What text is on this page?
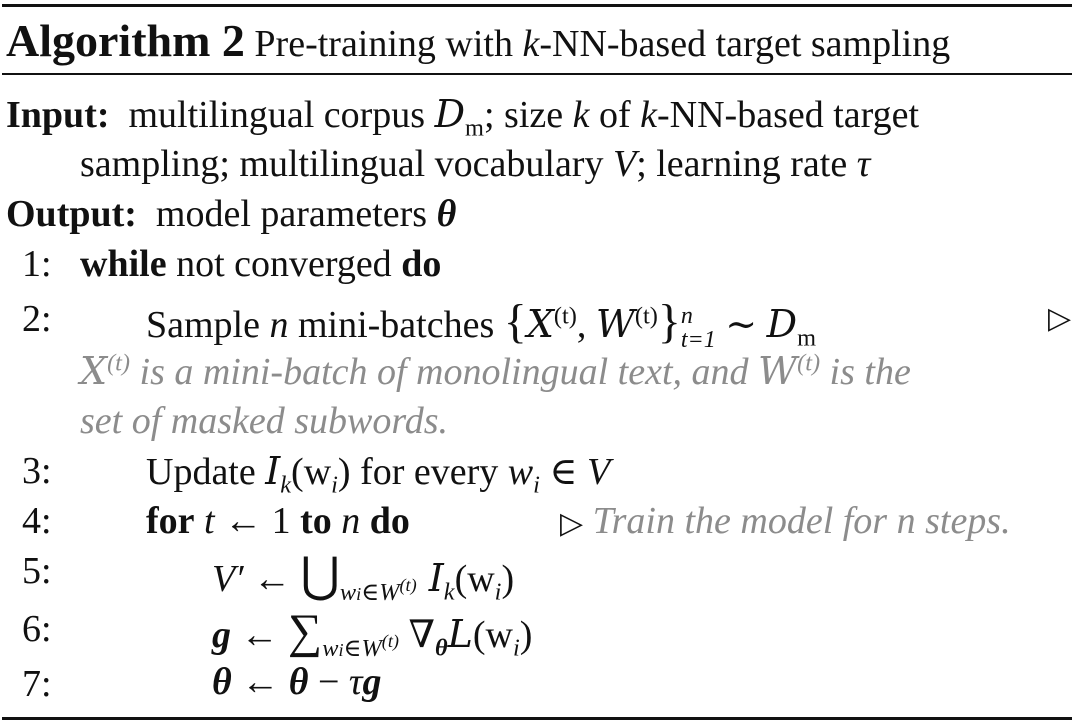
Algorithm 2 Pre-training with k-NN-based target sampling
Input: multilingual corpus $D_m$; size k of k-NN-based target
sampling; multilingual vocabulary V; learning rate τ
Output: model parameters θ
1: while not converged do
2: Sample n mini-batches {$X^{(t)}$, $W^{(t)}$} n
t=1 ∼ $D_m$
▷
$X^{(t)}$ is a mini-batch of monolingual text, and $W^{(t)}$ is the
set of masked subwords.
3: Update $I_k(w_i)$ for every $w_i$ ∈ V
4: for t ← 1 to n do	▷ Train the model for n steps.
5:	V′ ← $⋃_{wi\in W^{(t)}}$ $I_k(w_i)$
6:	g ← $\sum_{wi\in W^{(t)}}$ $\nabla_\theta L(w_i)$
7:	θ ← θ − τg
